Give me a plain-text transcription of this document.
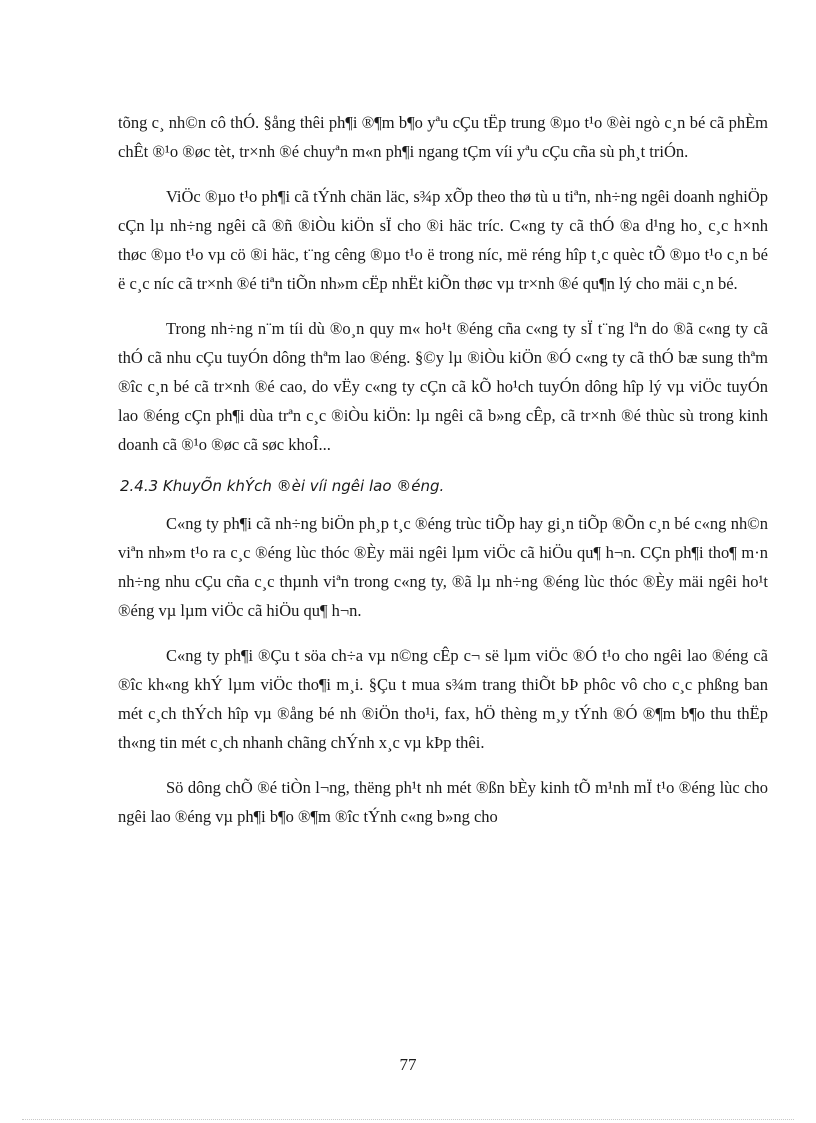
tõng c¸ nh©n cô thÓ. §ång thêi ph¶i ®¶m b¶o yªu cÇu tËp trung ®µo t¹o ®èi ngò c¸n bé cã phÈm chÊt ®¹o ®øc tèt, tr×nh ®é chuyªn m«n ph¶i ngang tÇm víi yªu cÇu cña sù ph¸t triÓn.

ViÖc ®µo t¹o ph¶i cã tÝnh chän läc, s¾p xÕp theo thø tù u tiªn, nh÷ng ngêi doanh nghiÖp cÇn lµ nh÷ng ngêi cã ®ñ ®iÒu kiÖn sÏ cho ®i häc tríc. C«ng ty cã thÓ ®a d¹ng ho¸ c¸c h×nh thøc ®µo t¹o vµ cö ®i häc, t¨ng cêng ®µo t¹o ë trong níc, më réng hîp t¸c quèc tÕ ®µo t¹o c¸n bé ë c¸c níc cã tr×nh ®é tiªn tiÕn nh»m cËp nhËt kiÕn thøc vµ tr×nh ®é qu¶n lý cho mäi c¸n bé.

Trong nh÷ng n¨m tíi dù ®o¸n quy m« ho¹t ®éng cña c«ng ty sÏ t¨ng lªn do ®ã c«ng ty cã thÓ cã nhu cÇu tuyÓn dông thªm lao ®éng. §©y lµ ®iÒu kiÖn ®Ó c«ng ty cã thÓ bæ sung thªm ®îc c¸n bé cã tr×nh ®é cao, do vËy c«ng ty cÇn cã kÕ ho¹ch tuyÓn dông hîp lý vµ viÖc tuyÓn lao ®éng cÇn ph¶i dùa trªn c¸c ®iÒu kiÖn: lµ ngêi cã b»ng cÊp, cã tr×nh ®é thùc sù trong kinh doanh cã ®¹o ®øc cã søc khoÎ...

2.4.3 KhuyÕn khÝch ®èi víi ngêi lao ®éng.

C«ng ty ph¶i cã nh÷ng biÖn ph¸p t¸c ®éng trùc tiÕp hay gi¸n tiÕp ®Õn c¸n bé c«ng nh©n viªn nh»m t¹o ra c¸c ®éng lùc thóc ®Èy mäi ngêi lµm viÖc cã hiÖu qu¶ h¬n. CÇn ph¶i tho¶ m·n nh÷ng nhu cÇu cña c¸c thµnh viªn trong c«ng ty, ®ã lµ nh÷ng ®éng lùc thóc ®Èy mäi ngêi ho¹t ®éng vµ lµm viÖc cã hiÖu qu¶ h¬n.

C«ng ty ph¶i ®Çu t söa ch÷a vµ n©ng cÊp c¬ së lµm viÖc ®Ó t¹o cho ngêi lao ®éng cã ®îc kh«ng khÝ lµm viÖc tho¶i m¸i. §Çu t mua s¾m trang thiÕt bÞ phôc vô cho c¸c phßng ban mét c¸ch thÝch hîp vµ ®ång bé nh ®iÖn tho¹i, fax, hÖ thèng m¸y tÝnh ®Ó ®¶m b¶o thu thËp th«ng tin mét c¸ch nhanh chãng chÝnh x¸c vµ kÞp thêi.

Sö dông chÕ ®é tiÒn l¬ng, thëng ph¹t nh mét ®ßn bÈy kinh tÕ m¹nh mÏ t¹o ®éng lùc cho ngêi lao ®éng vµ ph¶i b¶o ®¶m ®îc tÝnh c«ng b»ng cho

77
